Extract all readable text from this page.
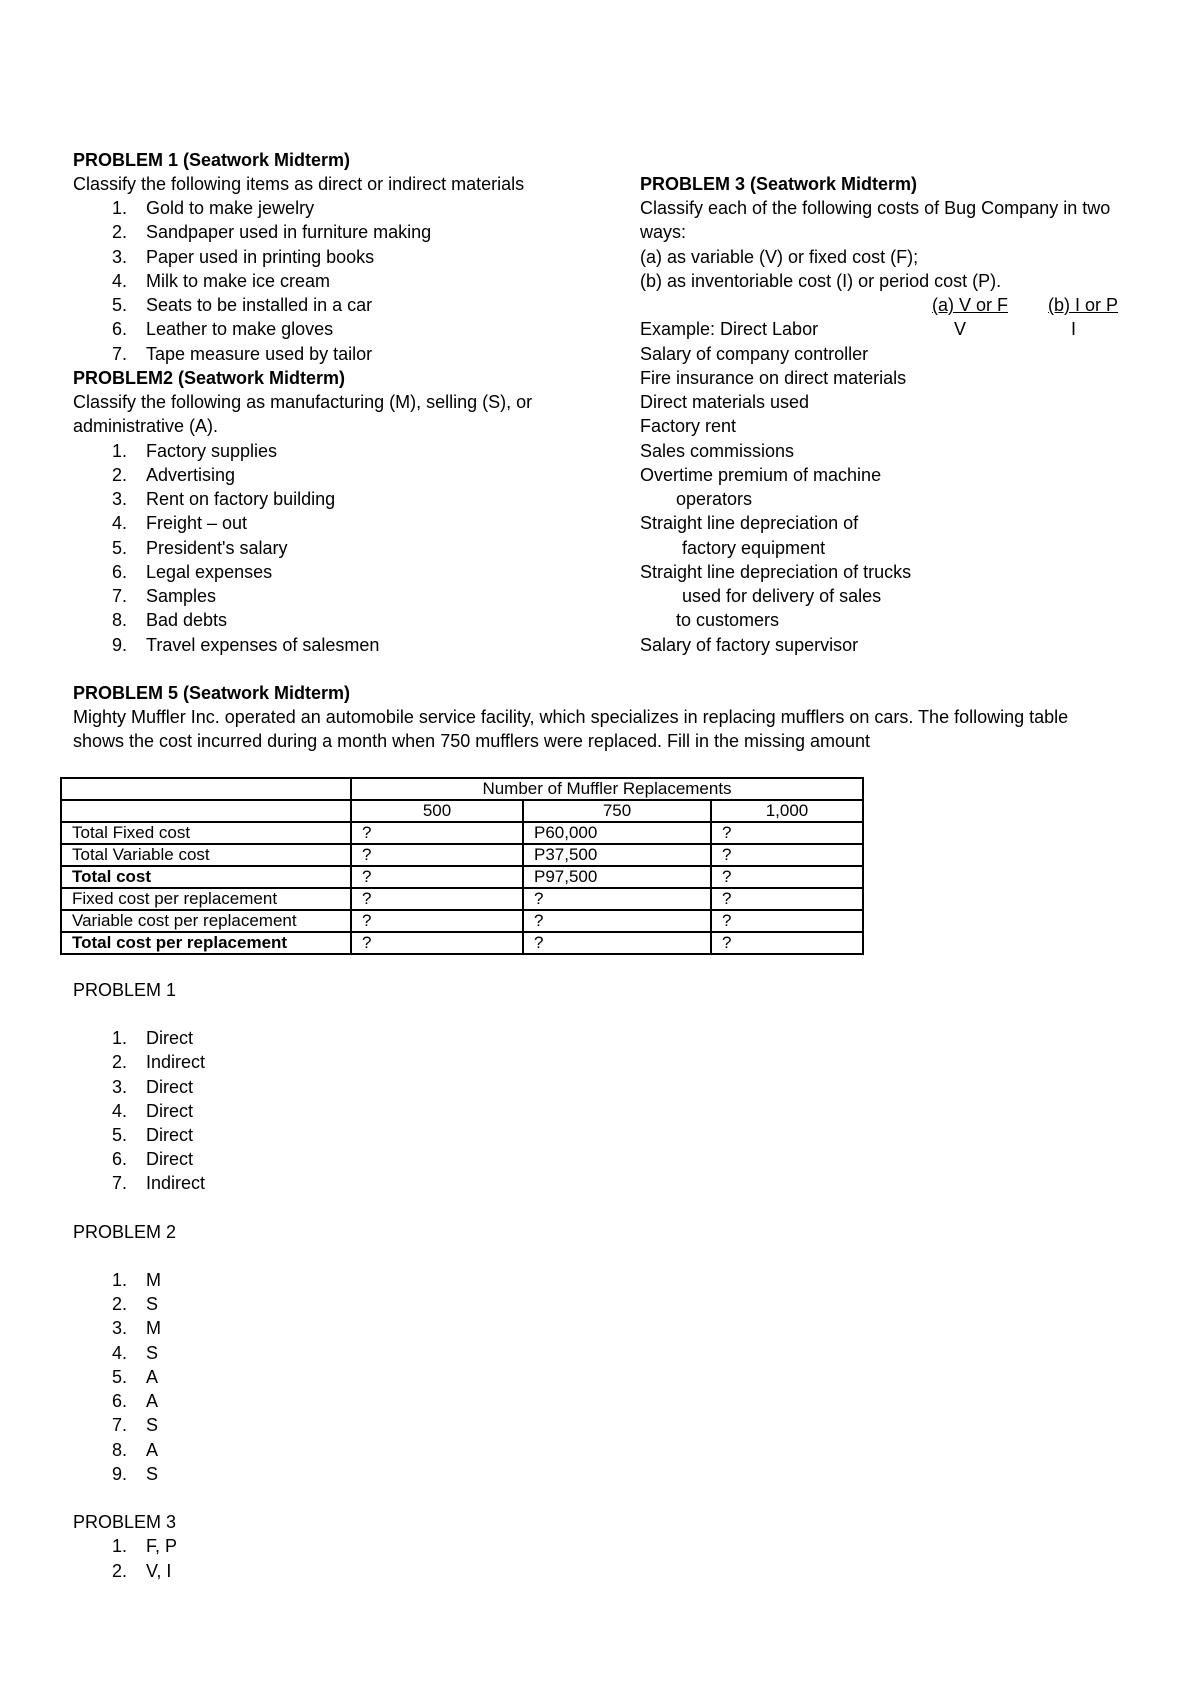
PROBLEM 1 (Seatwork Midterm)
Classify the following items as direct or indirect materials
1. Gold to make jewelry
2. Sandpaper used in furniture making
3. Paper used in printing books
4. Milk to make ice cream
5. Seats to be installed in a car
6. Leather to make gloves
7. Tape measure used by tailor
PROBLEM2 (Seatwork Midterm)
Classify the following as manufacturing (M), selling (S), or
administrative (A).
1. Factory supplies
2. Advertising
3. Rent on factory building
4. Freight – out
5. President's salary
6. Legal expenses
7. Samples
8. Bad debts
9. Travel expenses of salesmen
PROBLEM 3 (Seatwork Midterm)
Classify each of the following costs of Bug Company in two
ways:
(a) as variable (V) or fixed cost (F);
(b) as inventoriable cost (I) or period cost (P).
(a) V or F (b) I or P
Example: Direct Labor	V	I
Salary of company controller
Fire insurance on direct materials
Direct materials used
Factory rent
Sales commissions
Overtime premium of machine
operators
Straight line depreciation of
factory equipment
Straight line depreciation of trucks
used for delivery of sales
to customers
Salary of factory supervisor
PROBLEM 5 (Seatwork Midterm)
Mighty Muffler Inc. operated an automobile service facility, which specializes in replacing mufflers on cars. The following table
shows the cost incurred during a month when 750 mufflers were replaced. Fill in the missing amount
	Number of Muffler Replacements		
	500	750	1,000
Total Fixed cost	?	P60,000	?
Total Variable cost	?	P37,500	?
Total cost	?	P97,500	?
Fixed cost per replacement	?	?	?
Variable cost per replacement	?	?	?
Total cost per replacement	?	?	?
PROBLEM 1
1. Direct
2. Indirect
3. Direct
4. Direct
5. Direct
6. Direct
7. Indirect
PROBLEM 2
1. M
2. S
3. M
4. S
5. A
6. A
7. S
8. A
9. S
PROBLEM 3
1. F, P
2. V, I
